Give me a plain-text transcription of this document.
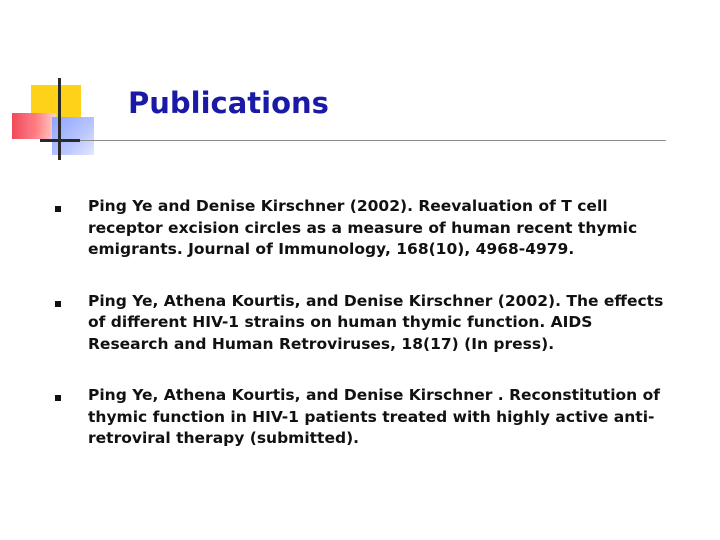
Publications
Ping Ye and Denise Kirschner (2002). Reevaluation of T cell receptor excision circles as a measure of human recent thymic emigrants. Journal of Immunology, 168(10), 4968-4979.
Ping Ye, Athena Kourtis, and Denise Kirschner (2002). The effects of different HIV-1 strains on human thymic function. AIDS Research and Human Retroviruses, 18(17) (In press).
Ping Ye, Athena Kourtis, and Denise Kirschner . Reconstitution of thymic function in HIV-1 patients treated with highly active anti-retroviral therapy (submitted).
